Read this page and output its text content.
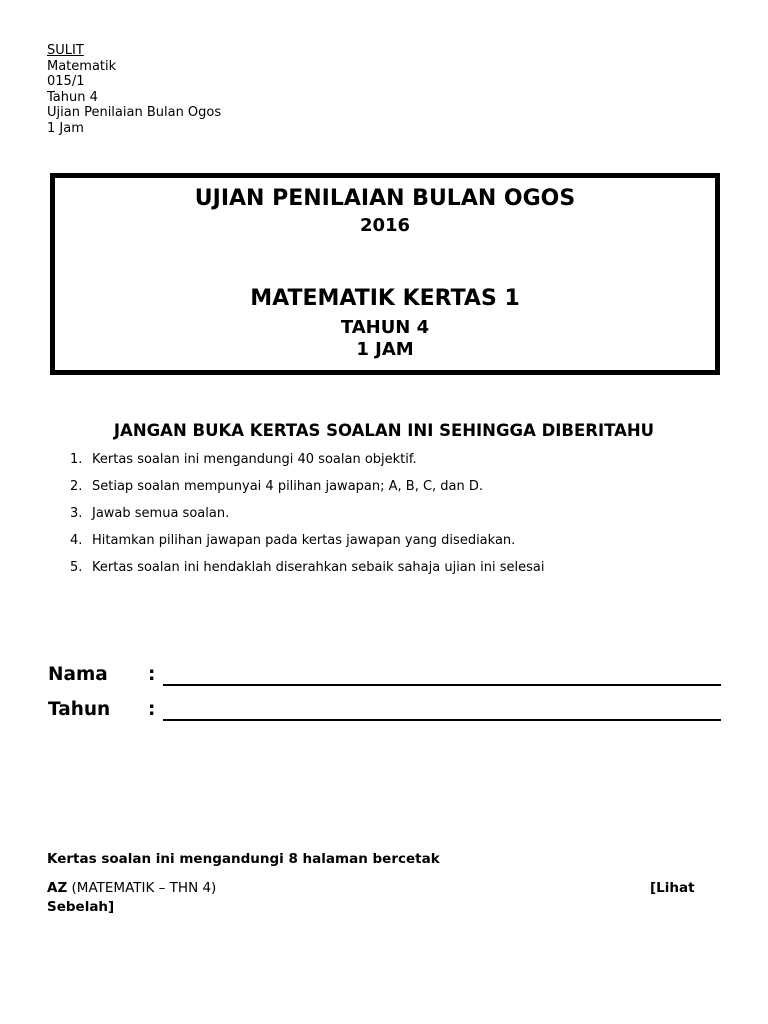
SULIT
Matematik
015/1
Tahun 4
Ujian Penilaian Bulan Ogos
1 Jam
UJIAN PENILAIAN BULAN OGOS
2016
MATEMATIK KERTAS 1
TAHUN 4
1 JAM
JANGAN BUKA KERTAS SOALAN INI SEHINGGA DIBERITAHU
1. Kertas soalan ini mengandungi 40 soalan objektif.
2. Setiap soalan mempunyai 4 pilihan jawapan; A, B, C, dan D.
3. Jawab semua soalan.
4. Hitamkan pilihan jawapan pada kertas jawapan yang disediakan.
5. Kertas soalan ini hendaklah diserahkan sebaik sahaja ujian ini selesai
Nama :
Tahun :
Kertas soalan ini mengandungi 8 halaman bercetak
AZ (MATEMATIK – THN 4)	[Lihat
Sebelah]
